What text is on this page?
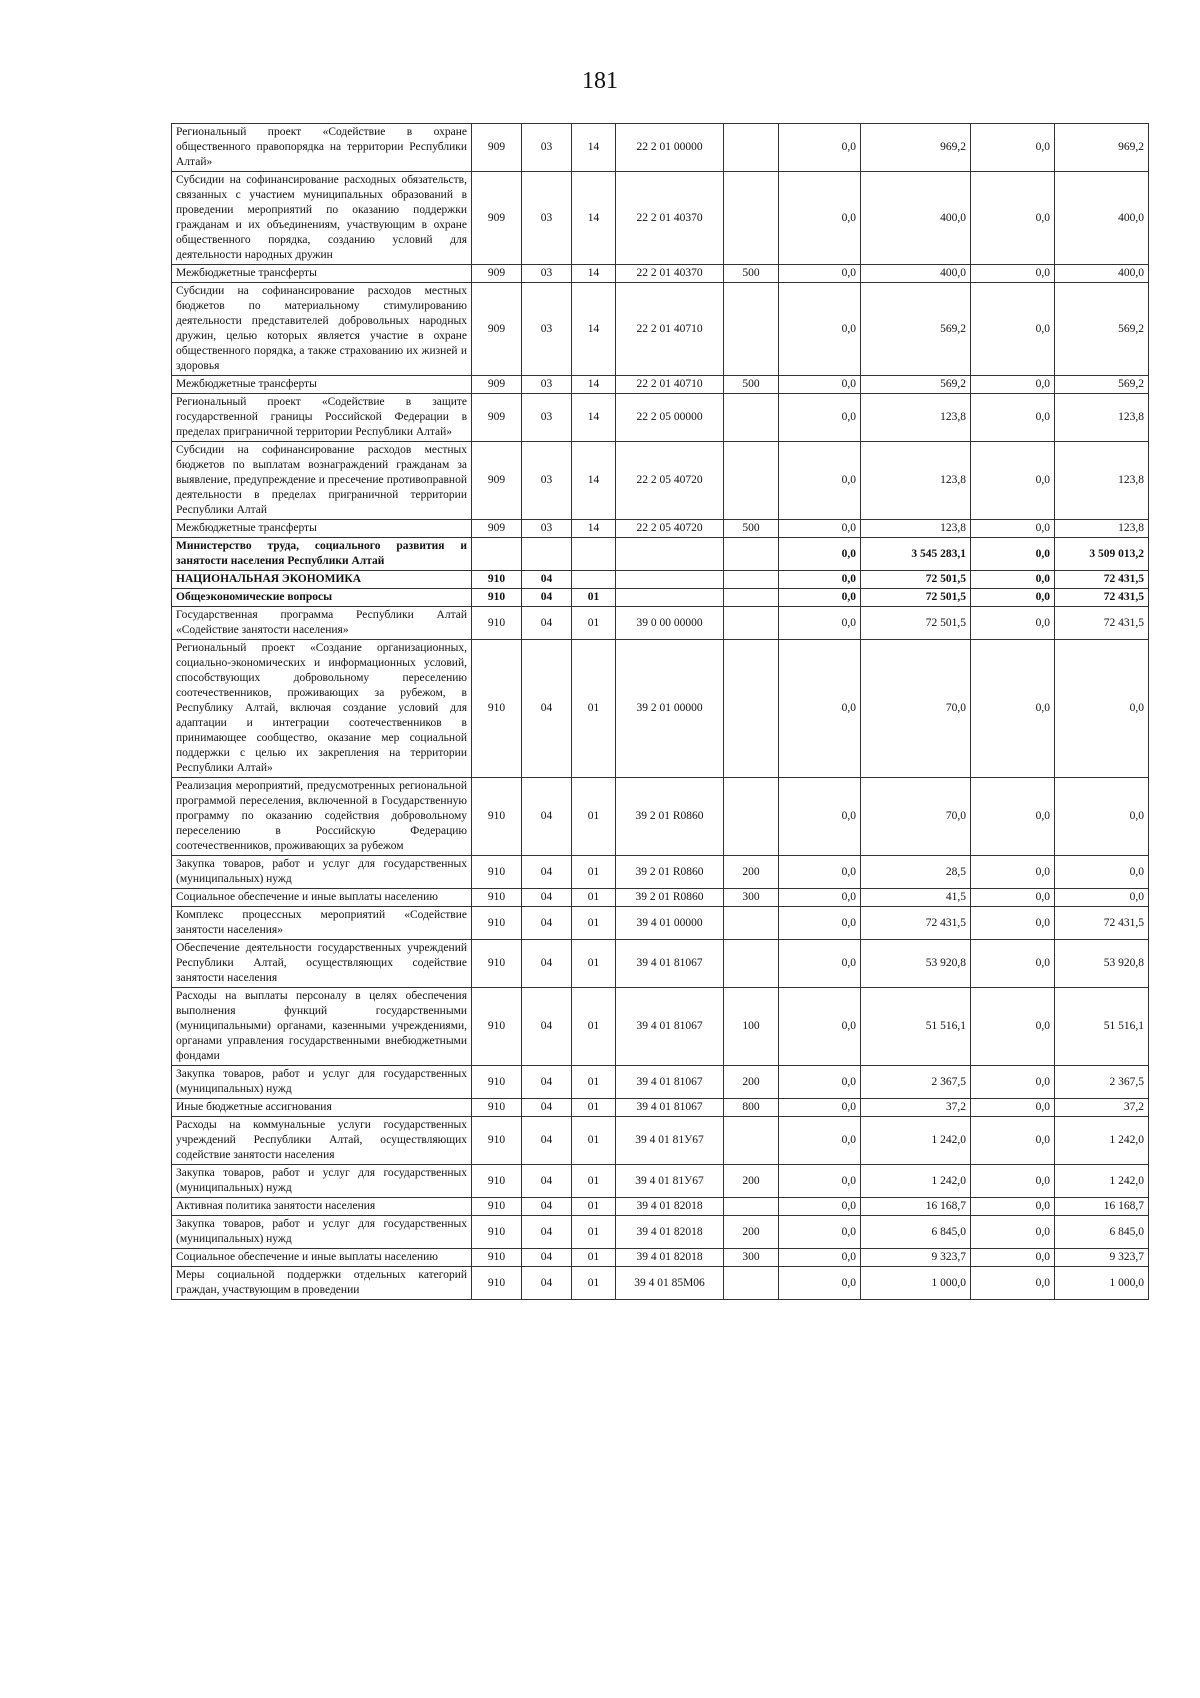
181
Региональный проект «Содействие в охране общественного правопорядка на территории Республики Алтай»	909	03	14	22 2 01 00000		0,0	969,2	0,0	969,2
Субсидии на софинансирование расходных обязательств, связанных с участием муниципальных образований в проведении мероприятий по оказанию поддержки гражданам и их объединениям, участвующим в охране общественного порядка, созданию условий для деятельности народных дружин	909	03	14	22 2 01 40370		0,0	400,0	0,0	400,0
Межбюджетные трансферты	909	03	14	22 2 01 40370	500	0,0	400,0	0,0	400,0
Субсидии на софинансирование расходов местных бюджетов по материальному стимулированию деятельности представителей добровольных народных дружин, целью которых является участие в охране общественного порядка, а также страхованию их жизней и здоровья	909	03	14	22 2 01 40710		0,0	569,2	0,0	569,2
Межбюджетные трансферты	909	03	14	22 2 01 40710	500	0,0	569,2	0,0	569,2
Региональный проект «Содействие в защите государственной границы Российской Федерации в пределах приграничной территории Республики Алтай»	909	03	14	22 2 05 00000		0,0	123,8	0,0	123,8
Субсидии на софинансирование расходов местных бюджетов по выплатам вознаграждений гражданам за выявление, предупреждение и пресечение противоправной деятельности в пределах приграничной территории Республики Алтай	909	03	14	22 2 05 40720		0,0	123,8	0,0	123,8
Межбюджетные трансферты	909	03	14	22 2 05 40720	500	0,0	123,8	0,0	123,8
Министерство труда, социального развития и занятости населения Республики Алтай						0,0	3 545 283,1	0,0	3 509 013,2
НАЦИОНАЛЬНАЯ ЭКОНОМИКА	910	04				0,0	72 501,5	0,0	72 431,5
Общеэкономические вопросы	910	04	01			0,0	72 501,5	0,0	72 431,5
Государственная программа Республики Алтай «Содействие занятости населения»	910	04	01	39 0 00 00000		0,0	72 501,5	0,0	72 431,5
Региональный проект «Создание организационных, социально-экономических и информационных условий, способствующих добровольному переселению соотечественников, проживающих за рубежом, в Республику Алтай, включая создание условий для адаптации и интеграции соотечественников в принимающее сообщество, оказание мер социальной поддержки с целью их закрепления на территории Республики Алтай»	910	04	01	39 2 01 00000		0,0	70,0	0,0	0,0
Реализация мероприятий, предусмотренных региональной программой переселения, включенной в Государственную программу по оказанию содействия добровольному переселению в Российскую Федерацию соотечественников, проживающих за рубежом	910	04	01	39 2 01 R0860		0,0	70,0	0,0	0,0
Закупка товаров, работ и услуг для государственных (муниципальных) нужд	910	04	01	39 2 01 R0860	200	0,0	28,5	0,0	0,0
Социальное обеспечение и иные выплаты населению	910	04	01	39 2 01 R0860	300	0,0	41,5	0,0	0,0
Комплекс процессных мероприятий «Содействие занятости населения»	910	04	01	39 4 01 00000		0,0	72 431,5	0,0	72 431,5
Обеспечение деятельности государственных учреждений Республики Алтай, осуществляющих содействие занятости населения	910	04	01	39 4 01 81067		0,0	53 920,8	0,0	53 920,8
Расходы на выплаты персоналу в целях обеспечения выполнения функций государственными (муниципальными) органами, казенными учреждениями, органами управления государственными внебюджетными фондами	910	04	01	39 4 01 81067	100	0,0	51 516,1	0,0	51 516,1
Закупка товаров, работ и услуг для государственных (муниципальных) нужд	910	04	01	39 4 01 81067	200	0,0	2 367,5	0,0	2 367,5
Иные бюджетные ассигнования	910	04	01	39 4 01 81067	800	0,0	37,2	0,0	37,2
Расходы на коммунальные услуги государственных учреждений Республики Алтай, осуществляющих содействие занятости населения	910	04	01	39 4 01 81У67		0,0	1 242,0	0,0	1 242,0
Закупка товаров, работ и услуг для государственных (муниципальных) нужд	910	04	01	39 4 01 81У67	200	0,0	1 242,0	0,0	1 242,0
Активная политика занятости населения	910	04	01	39 4 01 82018		0,0	16 168,7	0,0	16 168,7
Закупка товаров, работ и услуг для государственных (муниципальных) нужд	910	04	01	39 4 01 82018	200	0,0	6 845,0	0,0	6 845,0
Социальное обеспечение и иные выплаты населению	910	04	01	39 4 01 82018	300	0,0	9 323,7	0,0	9 323,7
Меры социальной поддержки отдельных категорий граждан, участвующим в проведении	910	04	01	39 4 01 85М06		0,0	1 000,0	0,0	1 000,0
